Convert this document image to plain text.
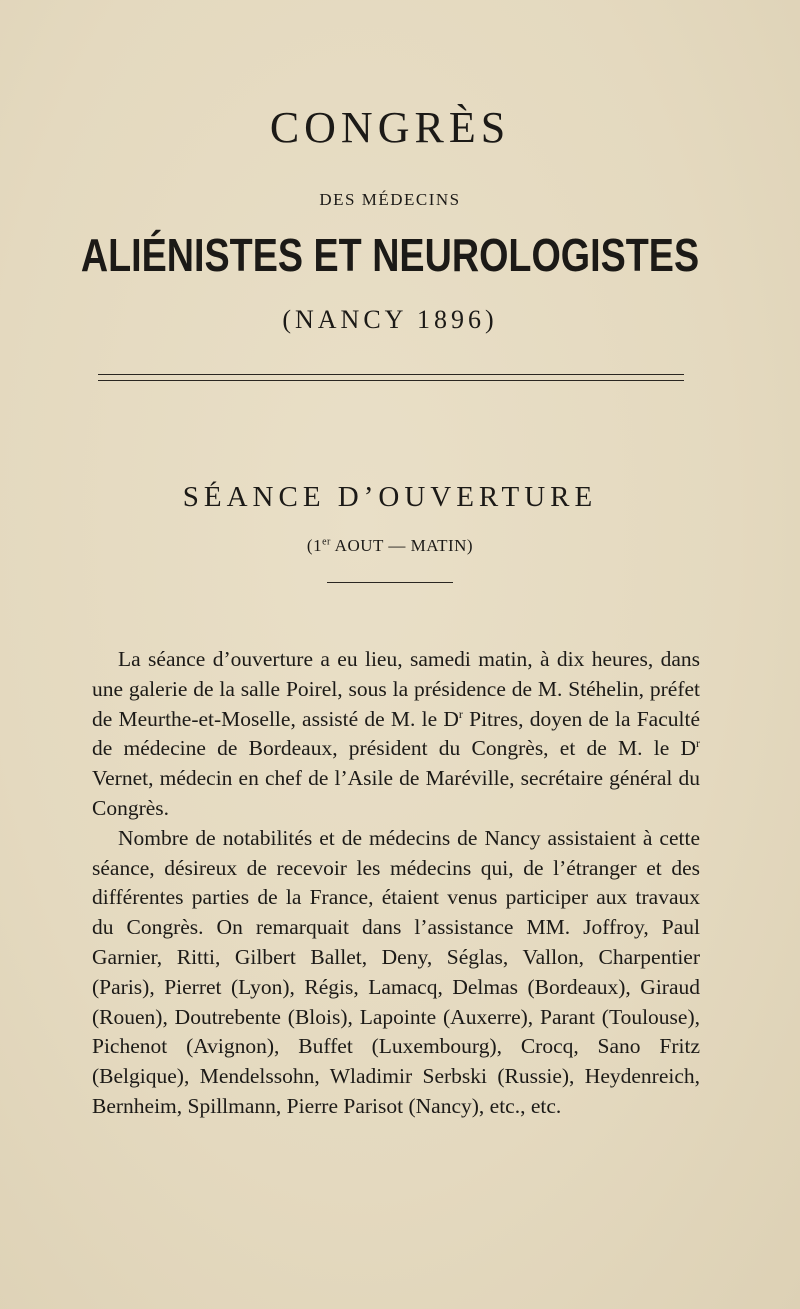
CONGRÈS
DES MÉDECINS
ALIÉNISTES ET NEUROLOGISTES
(NANCY 1896)
SÉANCE D’OUVERTURE
(1er AOUT — MATIN)

La séance d’ouverture a eu lieu, samedi matin, à dix heures, dans une galerie de la salle Poirel, sous la présidence de M. Stéhelin, préfet de Meurthe-et-Moselle, assisté de M. le $D^r$ Pitres, doyen de la Faculté de médecine de Bordeaux, président du Congrès, et de M. le $D^r$ Vernet, médecin en chef de l’Asile de Maréville, secrétaire général du Congrès.

Nombre de notabilités et de médecins de Nancy assistaient à cette séance, désireux de recevoir les médecins qui, de l’étranger et des différentes parties de la France, étaient venus participer aux travaux du Congrès. On remarquait dans l’assistance MM. Joffroy, Paul Garnier, Ritti, Gilbert Ballet, Deny, Séglas, Vallon, Charpentier (Paris), Pierret (Lyon), Régis, Lamacq, Delmas (Bordeaux), Giraud (Rouen), Doutrebente (Blois), Lapointe (Auxerre), Parant (Toulouse), Pichenot (Avignon), Buffet (Luxembourg), Crocq, Sano Fritz (Belgique), Mendelssohn, Wladimir Serbski (Russie), Heydenreich, Bernheim, Spillmann, Pierre Parisot (Nancy), etc., etc.
